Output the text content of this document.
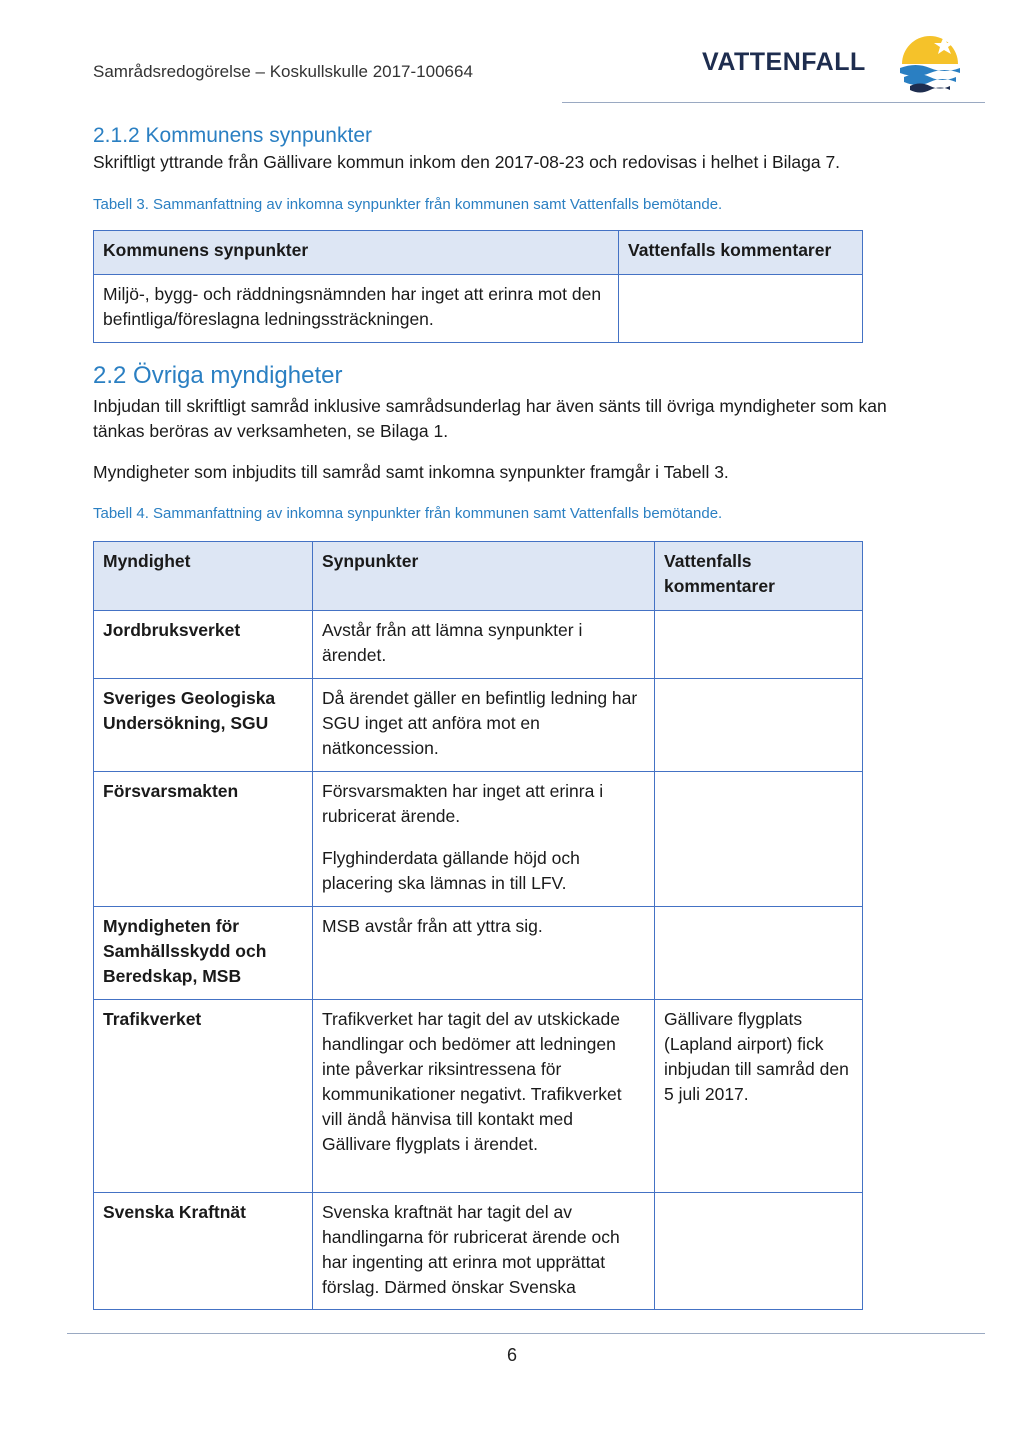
Samrådsredogörelse – Koskullskulle 2017-100664	VATTENFALL
2.1.2 Kommunens synpunkter
Skriftligt yttrande från Gällivare kommun inkom den 2017-08-23 och redovisas i helhet i Bilaga 7.
Tabell 3. Sammanfattning av inkomna synpunkter från kommunen samt Vattenfalls bemötande.
Kommunens synpunkter	Vattenfalls kommentarer
Miljö-, bygg- och räddningsnämnden har inget att erinra mot den befintliga/föreslagna ledningssträckningen.	
2.2 Övriga myndigheter
Inbjudan till skriftligt samråd inklusive samrådsunderlag har även sänts till övriga myndigheter som kan tänkas beröras av verksamheten, se Bilaga 1.
Myndigheter som inbjudits till samråd samt inkomna synpunkter framgår i Tabell 3.
Tabell 4. Sammanfattning av inkomna synpunkter från kommunen samt Vattenfalls bemötande.
Myndighet	Synpunkter	Vattenfalls kommentarer
Jordbruksverket	Avstår från att lämna synpunkter i ärendet.	

Sveriges Geologiska Undersökning, SGU	Då ärendet gäller en befintlig ledning har SGU inget att anföra mot en nätkoncession.	

Försvarsmakten	Försvarsmakten har inget att erinra i rubricerat ärende.
Flyghinderdata gällande höjd och placering ska lämnas in till LFV.	

Myndigheten för Samhällsskydd och Beredskap, MSB	MSB avstår från att yttra sig.	

Trafikverket	Trafikverket har tagit del av utskickade handlingar och bedömer att ledningen inte påverkar riksintressena för kommunikationer negativt. Trafikverket vill ändå hänvisa till kontakt med Gällivare flygplats i ärendet.	Gällivare flygplats (Lapland airport) fick inbjudan till samråd den 5 juli 2017.
Svenska Kraftnät	Svenska kraftnät har tagit del av handlingarna för rubricerat ärende och har ingenting att erinra mot upprättat förslag. Därmed önskar Svenska	

6
